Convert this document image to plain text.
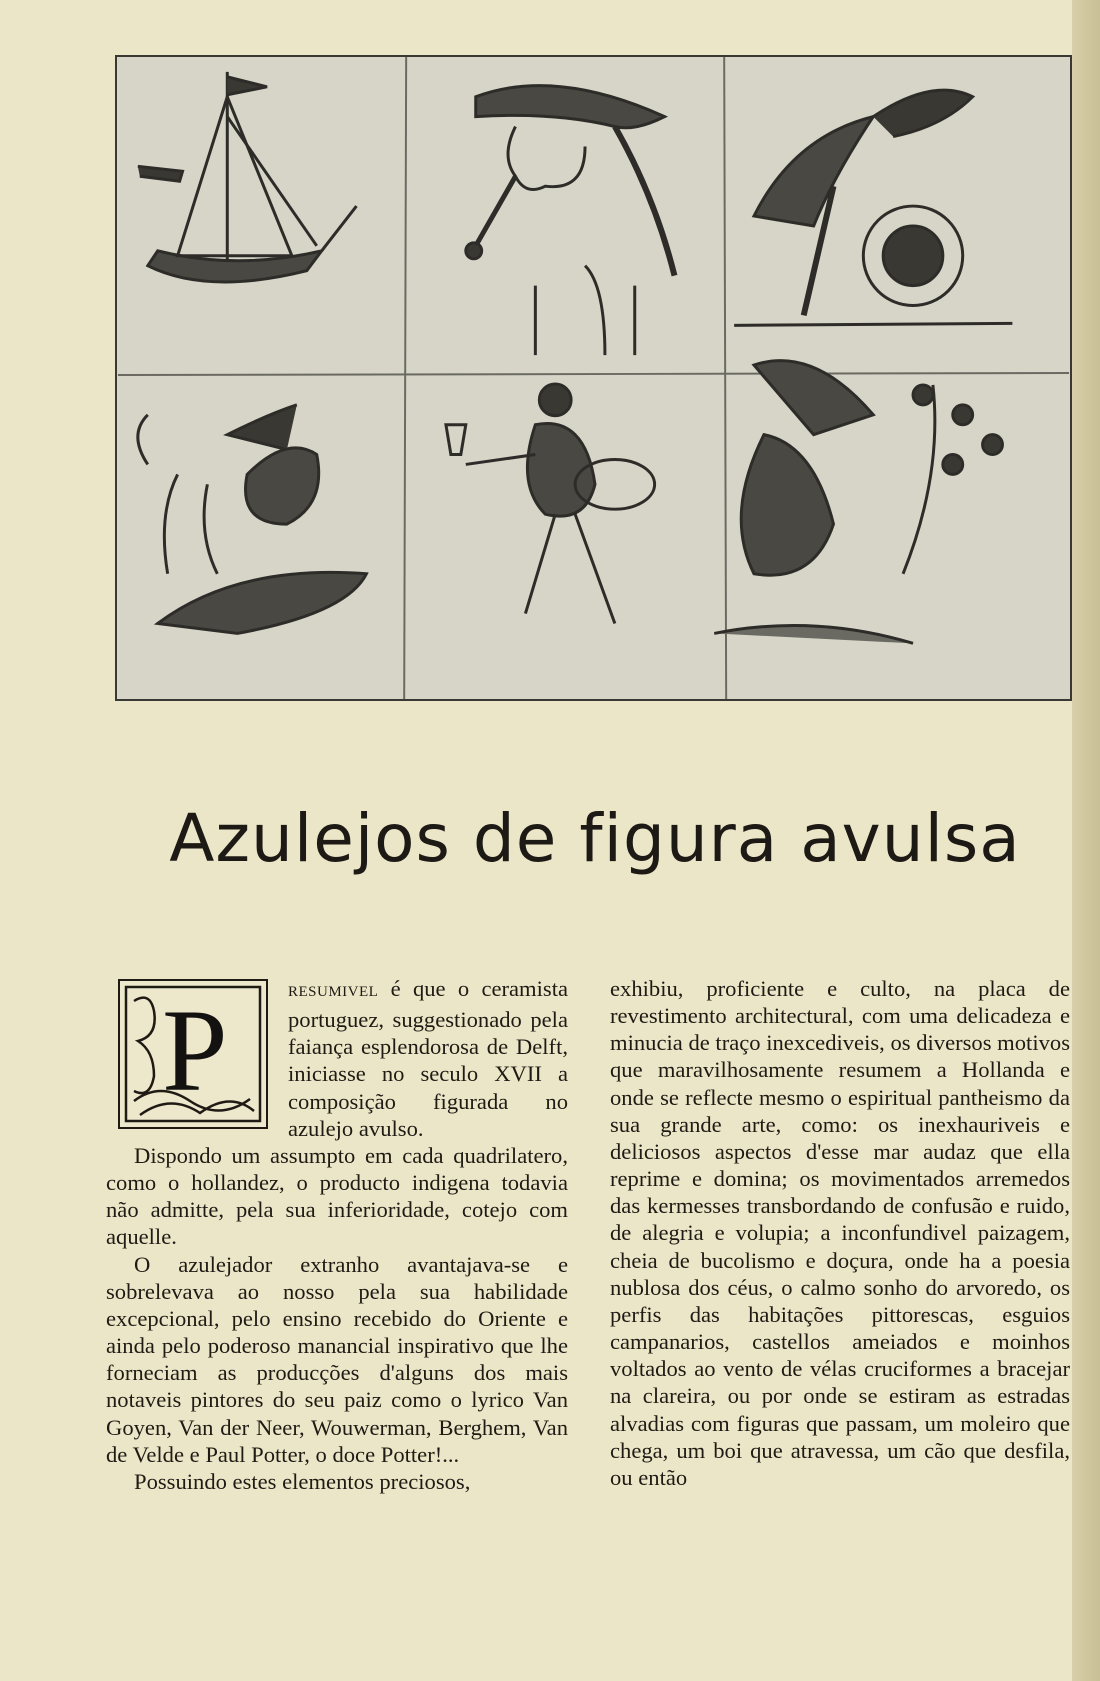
Azulejos de figura avulsa
P	RESUMIVEL é que o ceramista portuguez, suggestionado pela faiança esplendorosa de Delft, iniciasse no seculo XVII a composição figurada no azulejo avulso.

Dispondo um assumpto em cada quadrilatero, como o hollandez, o producto indigena todavia não admitte, pela sua inferioridade, cotejo com aquelle.

O azulejador extranho avantajava-se e sobrelevava ao nosso pela sua habilidade excepcional, pelo ensino recebido do Oriente e ainda pelo poderoso manancial inspirativo que lhe forneciam as producções d'alguns dos mais notaveis pintores do seu paiz como o lyrico Van Goyen, Van der Neer, Wouwerman, Berghem, Van de Velde e Paul Potter, o doce Potter!...

Possuindo estes elementos preciosos,

exhibiu, proficiente e culto, na placa de revestimento architectural, com uma delicadeza e minucia de traço inexcediveis, os diversos motivos que maravilhosamente resumem a Hollanda e onde se reflecte mesmo o espiritual pantheismo da sua grande arte, como: os inexhauriveis e deliciosos aspectos d'esse mar audaz que ella reprime e domina; os movimentados arremedos das kermesses transbordando de confusão e ruido, de alegria e volupia; a inconfundivel paizagem, cheia de bucolismo e doçura, onde ha a poesia nublosa dos céus, o calmo sonho do arvoredo, os perfis das habitações pittorescas, esguios campanarios, castellos ameiados e moinhos voltados ao vento de vélas cruciformes a bracejar na clareira, ou por onde se estiram as estradas alvadias com figuras que passam, um moleiro que chega, um boi que atravessa, um cão que desfila, ou então
